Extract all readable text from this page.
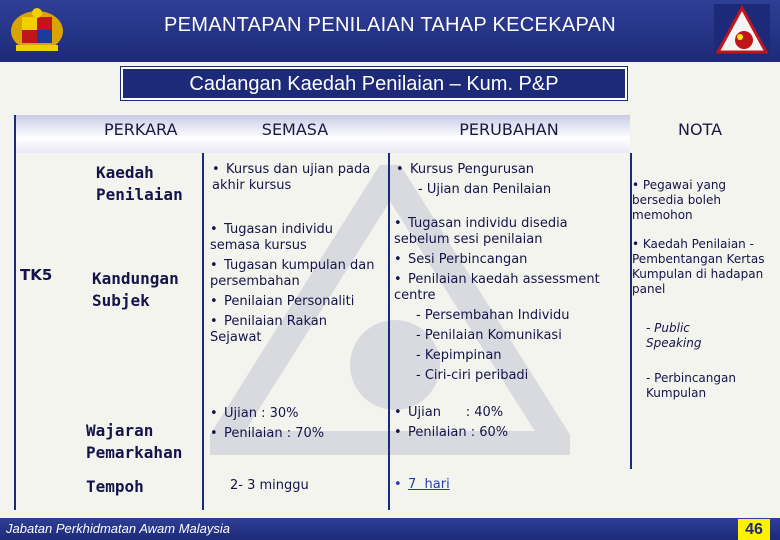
PEMANTAPAN PENILAIAN TAHAP KECEKAPAN
Cadangan Kaedah Penilaian – Kum. P&P
PERKARA	SEMASA	PERUBAHAN	NOTA
TK5
Kaedah Penilaian
• Kursus dan ujian pada akhir kursus
• Kursus Pengurusan
- Ujian dan Penilaian
Kandungan Subjek
• Tugasan individu semasa kursus
• Tugasan kumpulan dan persembahan
• Penilaian Personaliti
• Penilaian Rakan Sejawat
• Tugasan individu disedia sebelum sesi penilaian
• Sesi Perbincangan
• Penilaian kaedah assessment centre
- Persembahan Individu
- Penilaian Komunikasi
- Kepimpinan
- Ciri-ciri peribadi
Wajaran Pemarkahan
• Ujian : 30%
• Penilaian : 70%
• Ujian      : 40%
• Penilaian : 60%
Tempoh	2- 3 minggu
•	7  hari
• Pegawai yang bersedia boleh memohon
• Kaedah Penilaian - Pembentangan Kertas Kumpulan di hadapan panel
- Public Speaking
- Perbincangan Kumpulan
Jabatan Perkhidmatan Awam Malaysia	46
